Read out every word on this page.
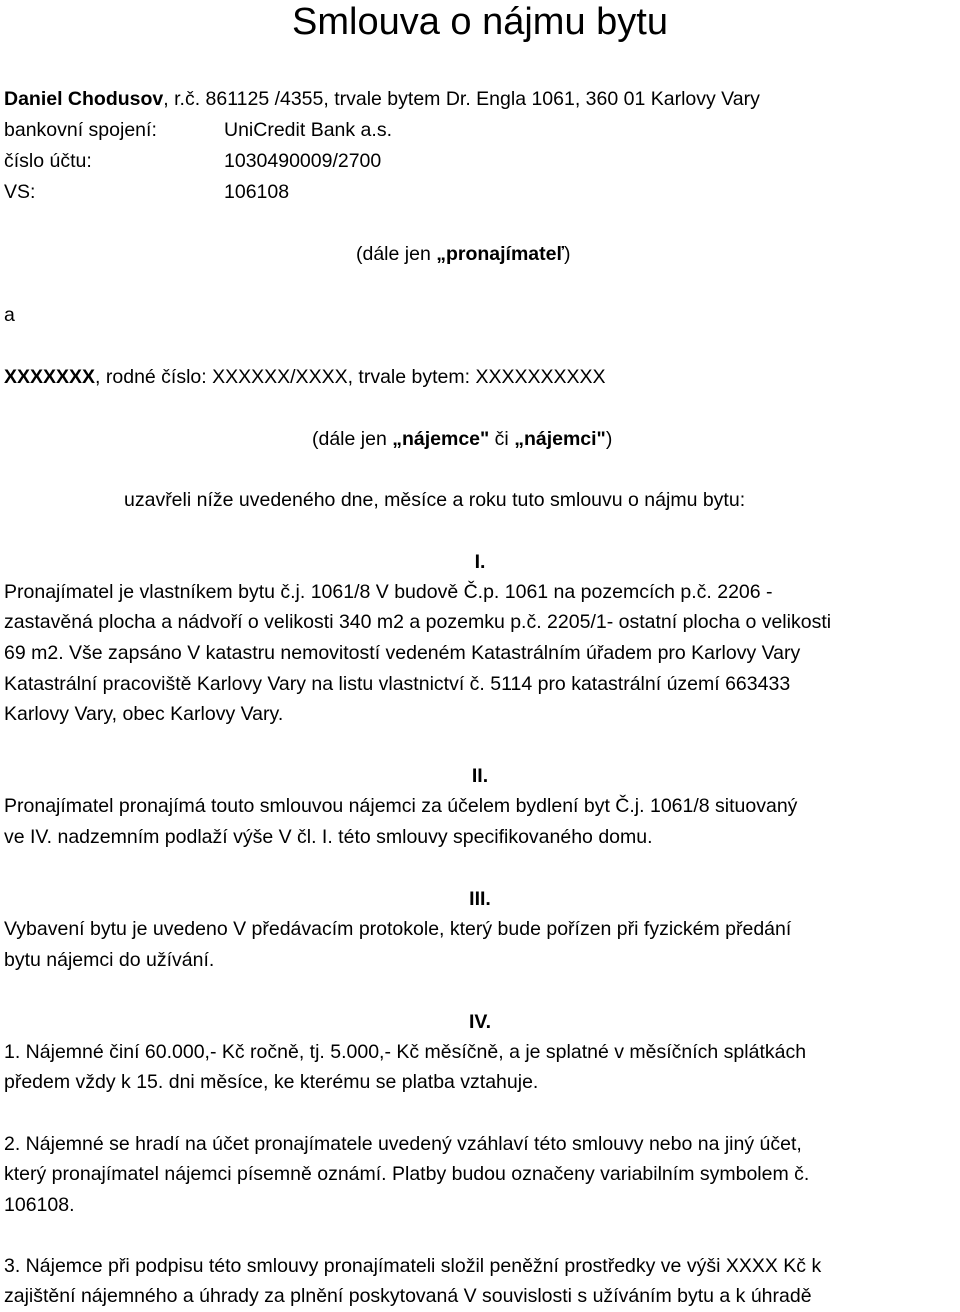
Smlouva o nájmu bytu
Daniel Chodusov, r.č. 861125 /4355, trvale bytem Dr. Engla 1061, 360 01 Karlovy Vary
bankovní spojení:	UniCredit Bank a.s.
číslo účtu:	1030490009/2700
VS:	106108
(dále jen „pronajímateľ)
a
XXXXXXX, rodné číslo: XXXXXX/XXXX, trvale bytem: XXXXXXXXXX
(dále jen „nájemce" či „nájemci")
uzavřeli níže uvedeného dne, měsíce a roku tuto smlouvu o nájmu bytu:
I.
Pronajímatel je vlastníkem bytu č.j. 1061/8 V budově Č.p. 1061 na pozemcích p.č. 2206 -
zastavěná plocha a nádvoří o velikosti 340 m2 a pozemku p.č. 2205/1- ostatní plocha o velikosti
69 m2. Vše zapsáno V katastru nemovitostí vedeném Katastrálním úřadem pro Karlovy Vary
Katastrální pracoviště Karlovy Vary na listu vlastnictví č. 5114 pro katastrální území 663433
Karlovy Vary, obec Karlovy Vary.
II.
Pronajímatel pronajímá touto smlouvou nájemci za účelem bydlení byt Č.j. 1061/8 situovaný
ve IV. nadzemním podlaží výše V čl. I. této smlouvy specifikovaného domu.
III.
Vybavení bytu je uvedeno V předávacím protokole, který bude pořízen při fyzickém předání
bytu nájemci do užívání.
IV.
1. Nájemné činí 60.000,- Kč ročně, tj. 5.000,- Kč měsíčně, a je splatné v měsíčních splátkách
předem vždy k 15. dni měsíce, ke kterému se platba vztahuje.
2. Nájemné se hradí na účet pronajímatele uvedený vzáhlaví této smlouvy nebo na jiný účet,
který pronajímatel nájemci písemně oznámí. Platby budou označeny variabilním symbolem č.
106108.
3. Nájemce při podpisu této smlouvy pronajímateli složil peněžní prostředky ve výši XXXX Kč k
zajištění nájemného a úhrady za plnění poskytovaná V souvislosti s užíváním bytu a k úhradě
